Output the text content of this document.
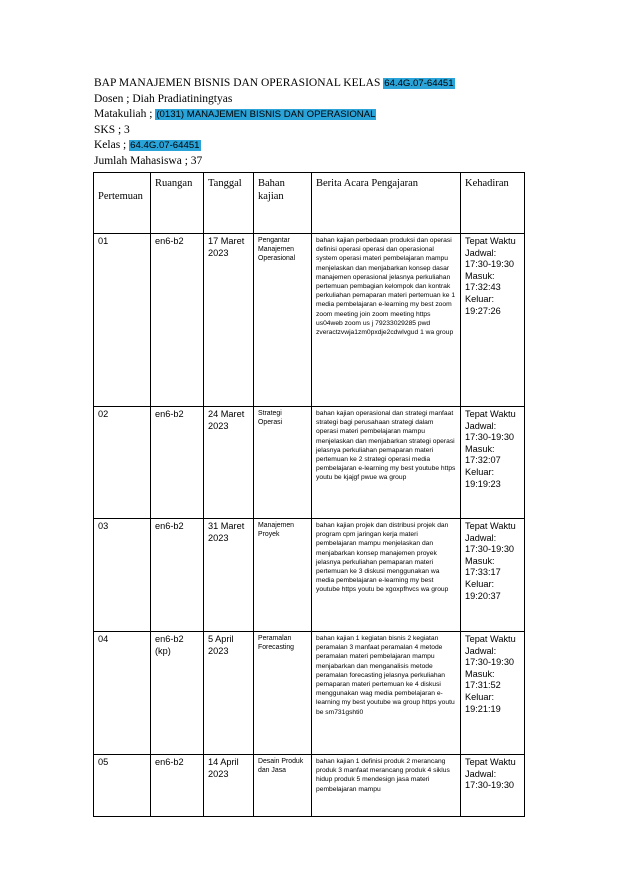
BAP MANAJEMEN BISNIS DAN OPERASIONAL KELAS 64.4G.07-64451
Dosen ; Diah Pradiatiningtyas
Matakuliah ; (0131) MANAJEMEN BISNIS DAN OPERASIONAL
SKS ; 3
Kelas ; 64.4G.07-64451
Jumlah Mahasiswa ; 37
Pertemuan	Ruangan	Tanggal	Bahan kajian	Berita Acara Pengajaran	Kehadiran
01	en6-b2	17 Maret 2023	Pengantar Manajemen Operasional	bahan kajian perbedaan produksi dan operasi definisi operasi operasi dan operasional system operasi materi pembelajaran mampu menjelaskan dan menjabarkan konsep dasar manajemen operasional jelasnya perkuliahan pertemuan pembagian kelompok dan kontrak perkuliahan pemaparan materi pertemuan ke 1 media pembelajaran e-learning my best zoom zoom meeting join zoom meeting https us04web zoom us j 79233029285 pwd zveractzvwja1zm0pxdje2cdwlvgud 1 wa group	Tepat Waktu Jadwal: 17:30-19:30 Masuk: 17:32:43 Keluar: 19:27:26
02	en6-b2	24 Maret 2023	Strategi Operasi	bahan kajian operasional dan strategi manfaat strategi bagi perusahaan strategi dalam operasi materi pembelajaran mampu menjelaskan dan menjabarkan strategi operasi jelasnya perkuliahan pemaparan materi pertemuan ke 2 strategi operasi media pembelajaran e-learning my best youtube https youtu be kjajgf pwue wa group	Tepat Waktu Jadwal: 17:30-19:30 Masuk: 17:32:07 Keluar: 19:19:23
03	en6-b2	31 Maret 2023	Manajemen Proyek	bahan kajian projek dan distribusi projek dan program cpm jaringan kerja materi pembelajaran mampu menjelaskan dan menjabarkan konsep manajemen proyek jelasnya perkuliahan pemaparan materi pertemuan ke 3 diskusi menggunakan wa media pembelajaran e-learning my best youtube https youtu be xgoxpfhvcs wa group	Tepat Waktu Jadwal: 17:30-19:30 Masuk: 17:33:17 Keluar: 19:20:37
04	en6-b2 (kp)	5 April 2023	Peramalan Forecasting	bahan kajian 1 kegiatan bisnis 2 kegiatan peramalan 3 manfaat peramalan 4 metode peramalan materi pembelajaran mampu menjabarkan dan menganalisis metode peramalan forecasting jelasnya perkuliahan pemaparan materi pertemuan ke 4 diskusi menggunakan wag media pembelajaran e-learning my best youtube wa group https youtu be sm731gshti0	Tepat Waktu Jadwal: 17:30-19:30 Masuk: 17:31:52 Keluar: 19:21:19
05	en6-b2	14 April 2023	Desain Produk dan Jasa	bahan kajian 1 definisi produk 2 merancang produk 3 manfaat merancang produk 4 siklus hidup produk 5 mendesign jasa materi pembelajaran mampu	Tepat Waktu Jadwal: 17:30-19:30
